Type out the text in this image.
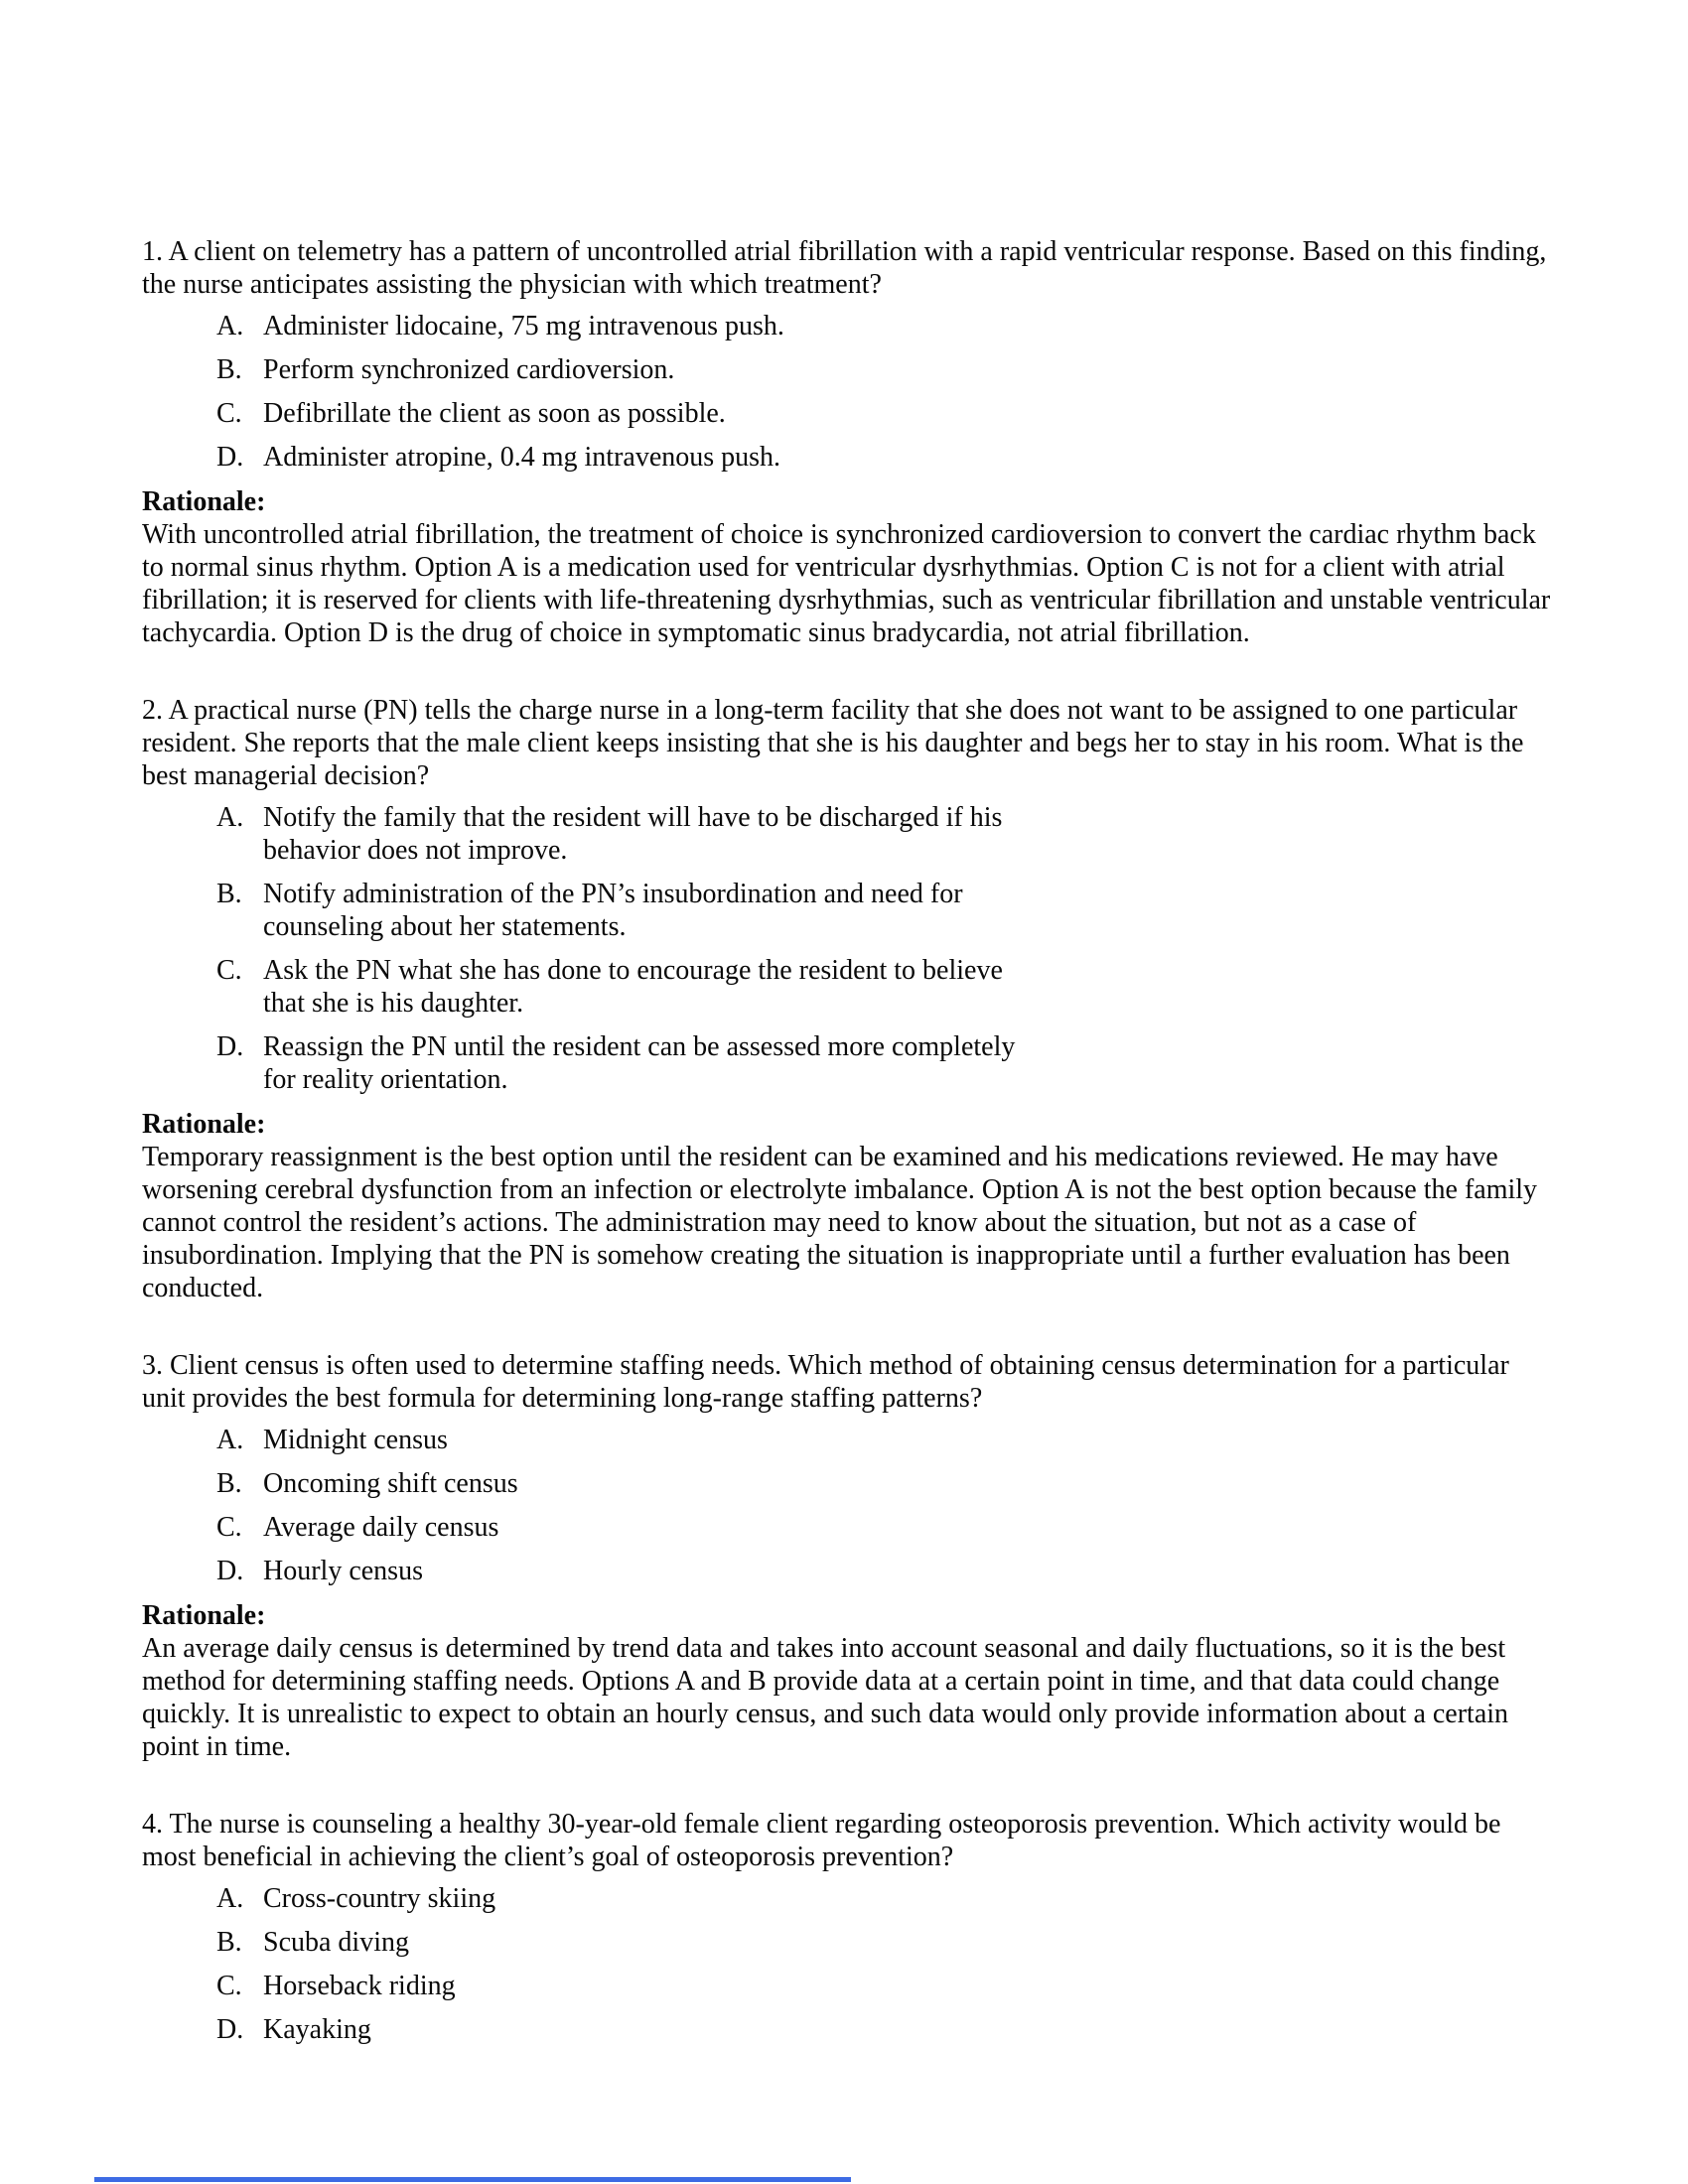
1. A client on telemetry has a pattern of uncontrolled atrial fibrillation with a rapid ventricular response. Based on this finding, the nurse anticipates assisting the physician with which treatment?

A. Administer lidocaine, 75 mg intravenous push.
B. Perform synchronized cardioversion.
C. Defibrillate the client as soon as possible.
D. Administer atropine, 0.4 mg intravenous push.

Rationale:

With uncontrolled atrial fibrillation, the treatment of choice is synchronized cardioversion to convert the cardiac rhythm back to normal sinus rhythm. Option A is a medication used for ventricular dysrhythmias. Option C is not for a client with atrial fibrillation; it is reserved for clients with life-threatening dysrhythmias, such as ventricular fibrillation and unstable ventricular tachycardia. Option D is the drug of choice in symptomatic sinus bradycardia, not atrial fibrillation.

2. A practical nurse (PN) tells the charge nurse in a long-term facility that she does not want to be assigned to one particular resident. She reports that the male client keeps insisting that she is his daughter and begs her to stay in his room. What is the best managerial decision?

A. Notify the family that the resident will have to be discharged if his behavior does not improve.
B. Notify administration of the PN’s insubordination and need for counseling about her statements.
C. Ask the PN what she has done to encourage the resident to believe that she is his daughter.
D. Reassign the PN until the resident can be assessed more completely for reality orientation.

Rationale:

Temporary reassignment is the best option until the resident can be examined and his medications reviewed. He may have worsening cerebral dysfunction from an infection or electrolyte imbalance. Option A is not the best option because the family cannot control the resident’s actions. The administration may need to know about the situation, but not as a case of insubordination. Implying that the PN is somehow creating the situation is inappropriate until a further evaluation has been conducted.

3. Client census is often used to determine staffing needs. Which method of obtaining census determination for a particular unit provides the best formula for determining long-range staffing patterns?

A. Midnight census
B. Oncoming shift census
C. Average daily census
D. Hourly census

Rationale:

An average daily census is determined by trend data and takes into account seasonal and daily fluctuations, so it is the best method for determining staffing needs. Options A and B provide data at a certain point in time, and that data could change quickly. It is unrealistic to expect to obtain an hourly census, and such data would only provide information about a certain point in time.

4. The nurse is counseling a healthy 30-year-old female client regarding osteoporosis prevention. Which activity would be most beneficial in achieving the client’s goal of osteoporosis prevention?

A. Cross-country skiing
B. Scuba diving
C. Horseback riding
D. Kayaking
